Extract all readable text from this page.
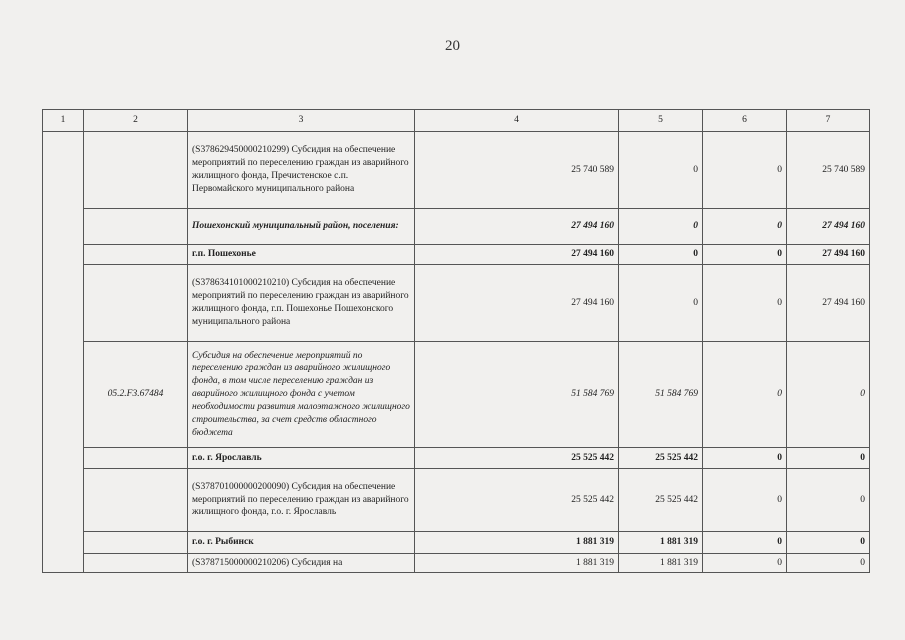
20
1	2	3	4	5	6	7
		(S378629450000210299) Субсидия на обеспечение мероприятий по переселению граждан из аварийного жилищного фонда, Пречистенское с.п. Первомайского муниципального района	25 740 589	0	0	25 740 589
		Пошехонский муниципальный район, поселения:	27 494 160	0	0	27 494 160
		г.п. Пошехонье	27 494 160	0	0	27 494 160
		(S378634101000210210) Субсидия на обеспечение мероприятий по переселению граждан из аварийного жилищного фонда, г.п. Пошехонье Пошехонского муниципального района	27 494 160	0	0	27 494 160
	05.2.F3.67484	Субсидия на обеспечение мероприятий по переселению граждан из аварийного жилищного фонда, в том числе переселению граждан из аварийного жилищного фонда с учетом необходимости развития малоэтажного жилищного строительства, за счет средств областного бюджета	51 584 769	51 584 769	0	0
		г.о. г. Ярославль	25 525 442	25 525 442	0	0
		(S378701000000200090) Субсидия на обеспечение мероприятий по переселению граждан из аварийного жилищного фонда, г.о. г. Ярославль	25 525 442	25 525 442	0	0
		г.о. г. Рыбинск	1 881 319	1 881 319	0	0
		(S378715000000210206) Субсидия на	1 881 319	1 881 319	0	0
